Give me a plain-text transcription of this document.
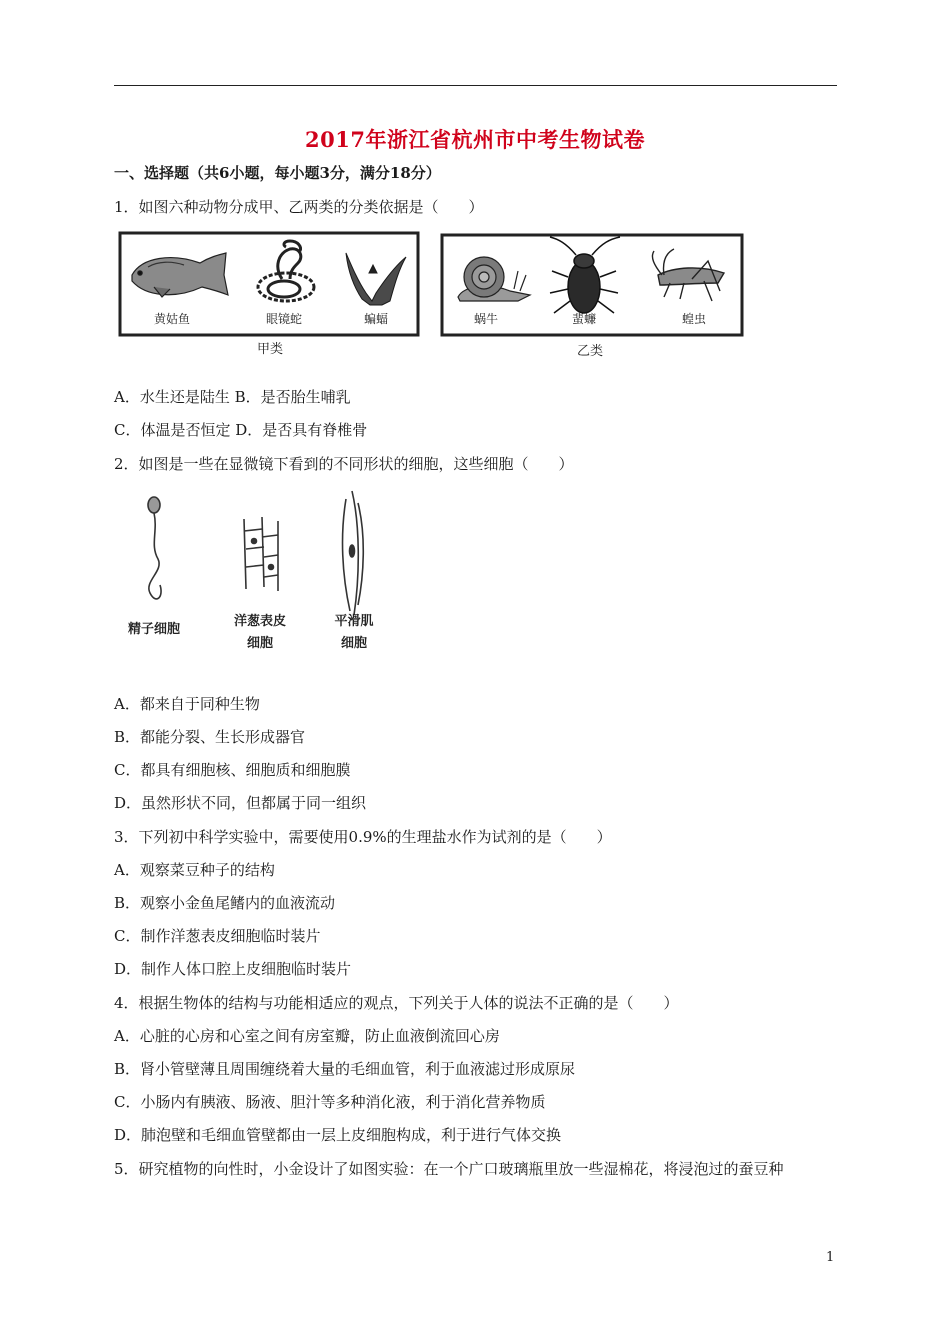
2017年浙江省杭州市中考生物试卷
一、选择题（共6小题，每小题3分，满分18分）
1．如图六种动物分成甲、乙两类的分类依据是（　　）
黄姑鱼	眼镜蛇	蝙蝠	蜗牛	蜚蠊	蝗虫
甲类	乙类
A．水生还是陆生 B．是否胎生哺乳
C．体温是否恒定 D．是否具有脊椎骨
2．如图是一些在显微镜下看到的不同形状的细胞，这些细胞（　　）
精子细胞
洋葱表皮
细胞
平滑肌
细胞
A．都来自于同种生物
B．都能分裂、生长形成器官
C．都具有细胞核、细胞质和细胞膜
D．虽然形状不同，但都属于同一组织
3．下列初中科学实验中，需要使用0.9%的生理盐水作为试剂的是（　　）
A．观察菜豆种子的结构
B．观察小金鱼尾鳍内的血液流动
C．制作洋葱表皮细胞临时装片
D．制作人体口腔上皮细胞临时装片
4．根据生物体的结构与功能相适应的观点，下列关于人体的说法不正确的是（　　）
A．心脏的心房和心室之间有房室瓣，防止血液倒流回心房
B．肾小管壁薄且周围缠绕着大量的毛细血管，利于血液滤过形成原尿
C．小肠内有胰液、肠液、胆汁等多种消化液，利于消化营养物质
D．肺泡壁和毛细血管壁都由一层上皮细胞构成，利于进行气体交换
5．研究植物的向性时，小金设计了如图实验：在一个广口玻璃瓶里放一些湿棉花，将浸泡过的蚕豆种
1
